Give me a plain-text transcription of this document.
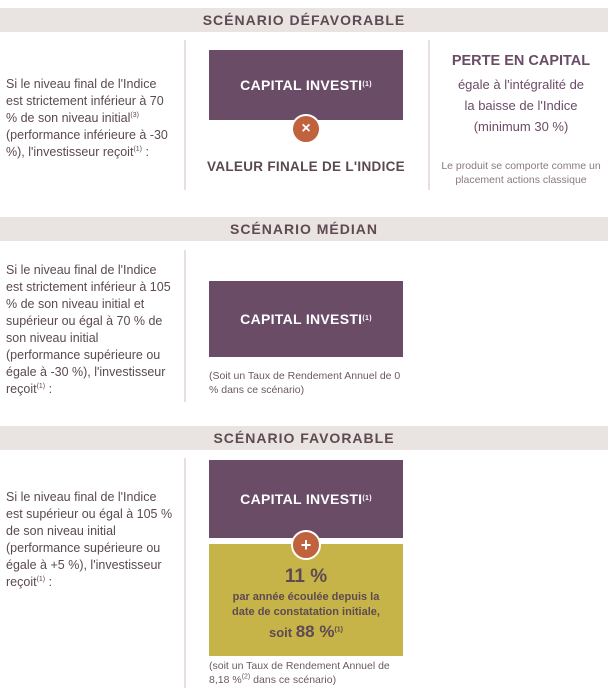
SCÉNARIO DÉFAVORABLE
Si le niveau final de l'Indice est strictement inférieur à 70 % de son niveau initial$^{(3)}$ (performance inférieure à -30 %), l'investisseur reçoit$^{(1)}$ :
CAPITAL INVESTI (1)
×
VALEUR FINALE DE L'INDICE
PERTE EN CAPITAL
égale à l'intégralité de
la baisse de l'Indice
(minimum 30 %)
Le produit se comporte comme un placement actions classique
SCÉNARIO MÉDIAN
Si le niveau final de l'Indice est strictement inférieur à 105 % de son niveau initial et supérieur ou égal à 70 % de son niveau initial (performance supérieure ou égale à -30 %), l'investisseur reçoit$^{(1)}$ :
CAPITAL INVESTI (1)
(Soit un Taux de Rendement Annuel de 0 % dans ce scénario)
SCÉNARIO FAVORABLE
Si le niveau final de l'Indice est supérieur ou égal à 105 % de son niveau initial (performance supérieure ou égale à +5 %), l'investisseur reçoit$^{(1)}$ :
CAPITAL INVESTI (1)
11 %
par année écoulée depuis la
date de constatation initiale,
soit 88 %$^{(1)}$
+
(soit un Taux de Rendement Annuel de 8,18 %$^{(2)}$ dans ce scénario)
